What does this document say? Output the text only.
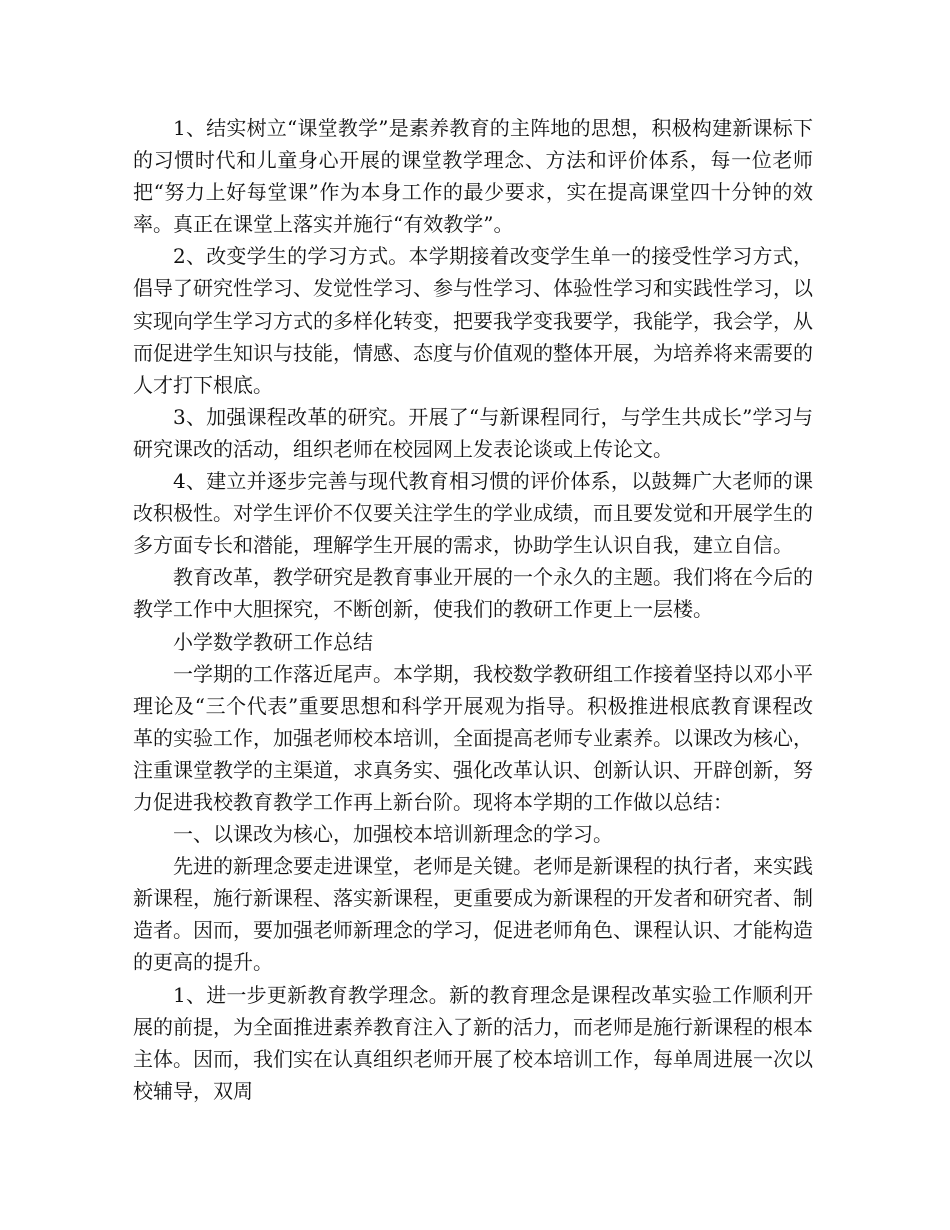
1、结实树立“课堂教学”是素养教育的主阵地的思想，积极构建新课标下的习惯时代和儿童身心开展的课堂教学理念、方法和评价体系，每一位老师把“努力上好每堂课”作为本身工作的最少要求，实在提高课堂四十分钟的效率。真正在课堂上落实并施行“有效教学”。

2、改变学生的学习方式。本学期接着改变学生单一的接受性学习方式，倡导了研究性学习、发觉性学习、参与性学习、体验性学习和实践性学习，以实现向学生学习方式的多样化转变，把要我学变我要学，我能学，我会学，从而促进学生知识与技能，情感、态度与价值观的整体开展，为培养将来需要的人才打下根底。

3、加强课程改革的研究。开展了“与新课程同行，与学生共成长”学习与研究课改的活动，组织老师在校园网上发表论谈或上传论文。

4、建立并逐步完善与现代教育相习惯的评价体系，以鼓舞广大老师的课改积极性。对学生评价不仅要关注学生的学业成绩，而且要发觉和开展学生的多方面专长和潜能，理解学生开展的需求，协助学生认识自我，建立自信。

教育改革，教学研究是教育事业开展的一个永久的主题。我们将在今后的教学工作中大胆探究，不断创新，使我们的教研工作更上一层楼。

小学数学教研工作总结

一学期的工作落近尾声。本学期，我校数学教研组工作接着坚持以邓小平理论及“三个代表”重要思想和科学开展观为指导。积极推进根底教育课程改革的实验工作，加强老师校本培训，全面提高老师专业素养。以课改为核心，注重课堂教学的主渠道，求真务实、强化改革认识、创新认识、开辟创新，努力促进我校教育教学工作再上新台阶。现将本学期的工作做以总结：

一、以课改为核心，加强校本培训新理念的学习。

先进的新理念要走进课堂，老师是关键。老师是新课程的执行者，来实践新课程，施行新课程、落实新课程，更重要成为新课程的开发者和研究者、制造者。因而，要加强老师新理念的学习，促进老师角色、课程认识、才能构造的更高的提升。

1、进一步更新教育教学理念。新的教育理念是课程改革实验工作顺利开展的前提，为全面推进素养教育注入了新的活力，而老师是施行新课程的根本主体。因而，我们实在认真组织老师开展了校本培训工作，每单周进展一次以校辅导，双周
